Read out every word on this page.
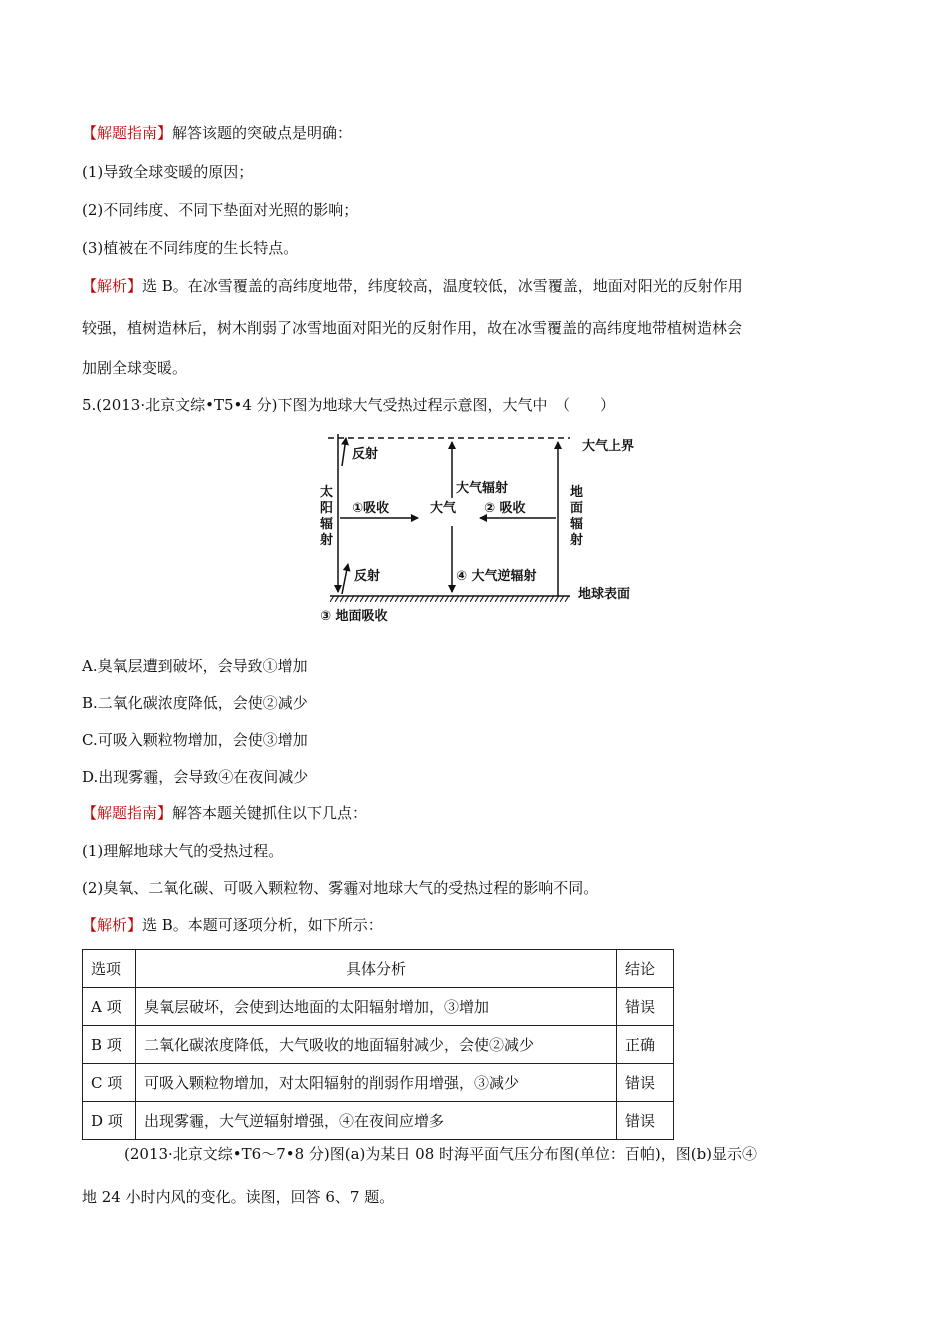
【解题指南】解答该题的突破点是明确：
(1)导致全球变暖的原因；
(2)不同纬度、不同下垫面对光照的影响；
(3)植被在不同纬度的生长特点。
【解析】选 B。在冰雪覆盖的高纬度地带，纬度较高，温度较低，冰雪覆盖，地面对阳光的反射作用
较强，植树造林后，树木削弱了冰雪地面对阳光的反射作用，故在冰雪覆盖的高纬度地带植树造林会
加剧全球变暖。
5.(2013·北京文综•T5•4 分)下图为地球大气受热过程示意图，大气中　（　　）
大气上界
地球表面
反射
太
阳
辐
射
①吸收
反射
大气
大气辐射
④ 大气逆辐射
地
面
辐
射
② 吸收
③ 地面吸收
A.臭氧层遭到破坏，会导致①增加
B.二氧化碳浓度降低，会使②减少
C.可吸入颗粒物增加，会使③增加
D.出现雾霾，会导致④在夜间减少
【解题指南】解答本题关键抓住以下几点：
(1)理解地球大气的受热过程。
(2)臭氧、二氧化碳、可吸入颗粒物、雾霾对地球大气的受热过程的影响不同。
【解析】选 B。本题可逐项分析，如下所示：
选项	具体分析	结论
A 项	臭氧层破坏，会使到达地面的太阳辐射增加，③增加	错误
B 项	二氧化碳浓度降低，大气吸收的地面辐射减少，会使②减少	正确
C 项	可吸入颗粒物增加，对太阳辐射的削弱作用增强，③减少	错误
D 项	出现雾霾，大气逆辐射增强，④在夜间应增多	错误
(2013·北京文综•T6～7•8 分)图(a)为某日 08 时海平面气压分布图(单位：百帕)，图(b)显示④
地 24 小时内风的变化。读图，回答 6、7 题。
